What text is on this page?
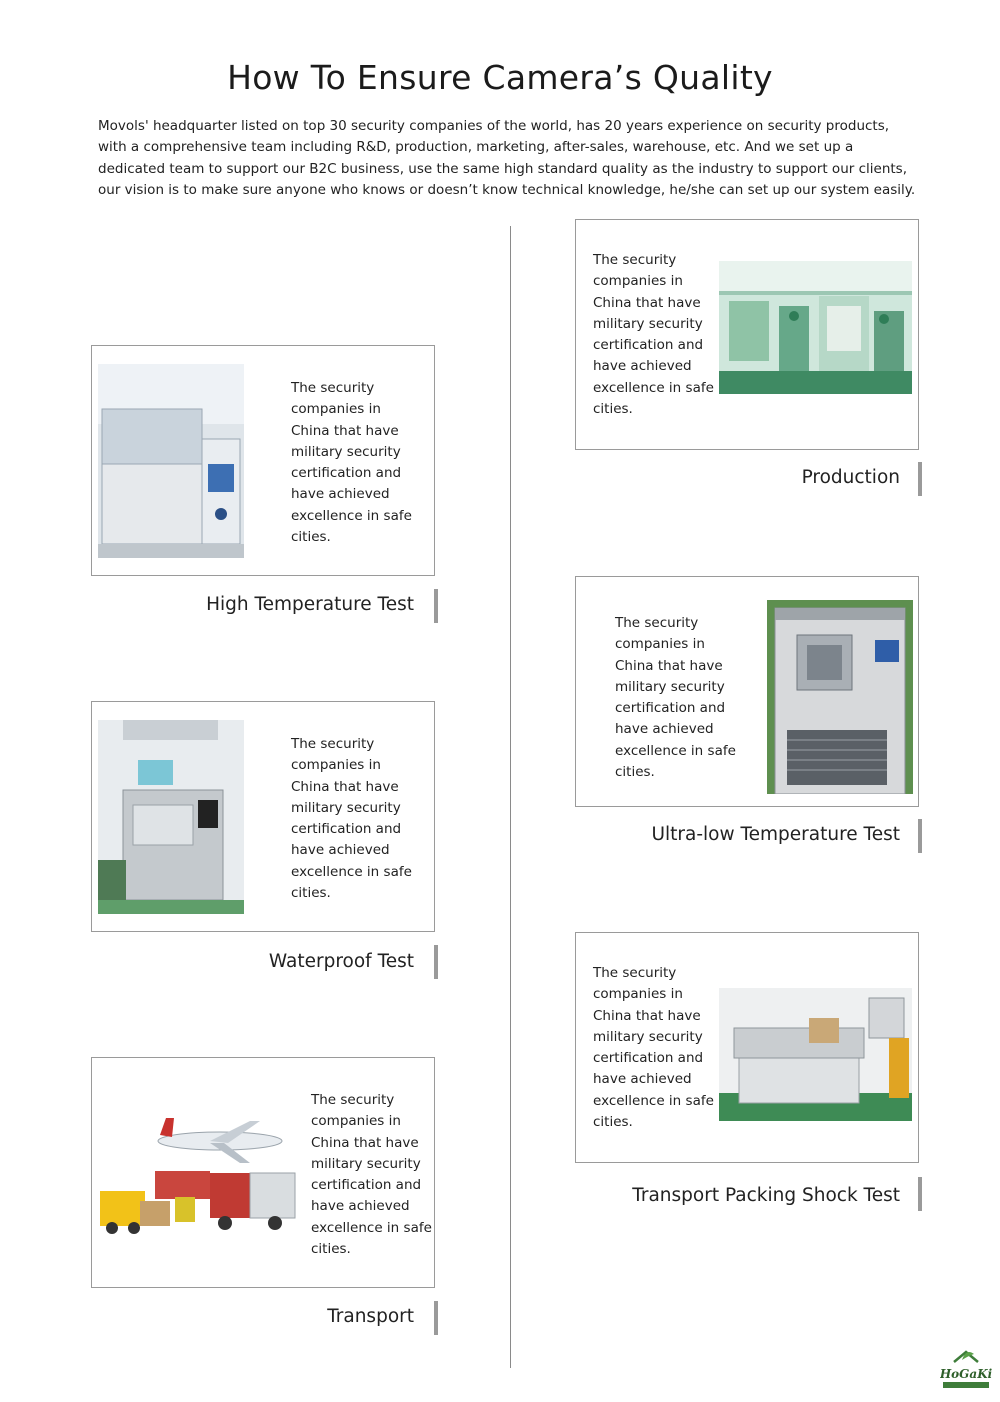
How To Ensure Camera’s Quality
Movols' headquarter listed on top 30 security companies of the world, has 20 years experience on security products, with a comprehensive team including R&D, production, marketing, after-sales, warehouse, etc. And we set up a dedicated team to support our B2C business, use the same high standard quality as the industry to support our clients, our vision is to make sure anyone who knows or doesn’t know technical knowledge, he/she can set up our system easily.
The security companies in China that have military security certification and have achieved excellence in safe cities.
Production
The security companies in China that have military security certification and have achieved excellence in safe cities.
High Temperature Test
The security companies in China that have military security certification and have achieved excellence in safe cities.
Ultra-low Temperature Test
The security companies in China that have military security certification and have achieved excellence in safe cities.
Waterproof Test
The security companies in China that have military security certification and have achieved excellence in safe cities.
Transport Packing Shock Test
The security companies in China that have military security certification and have achieved excellence in safe cities.
Transport
HoGaKi
